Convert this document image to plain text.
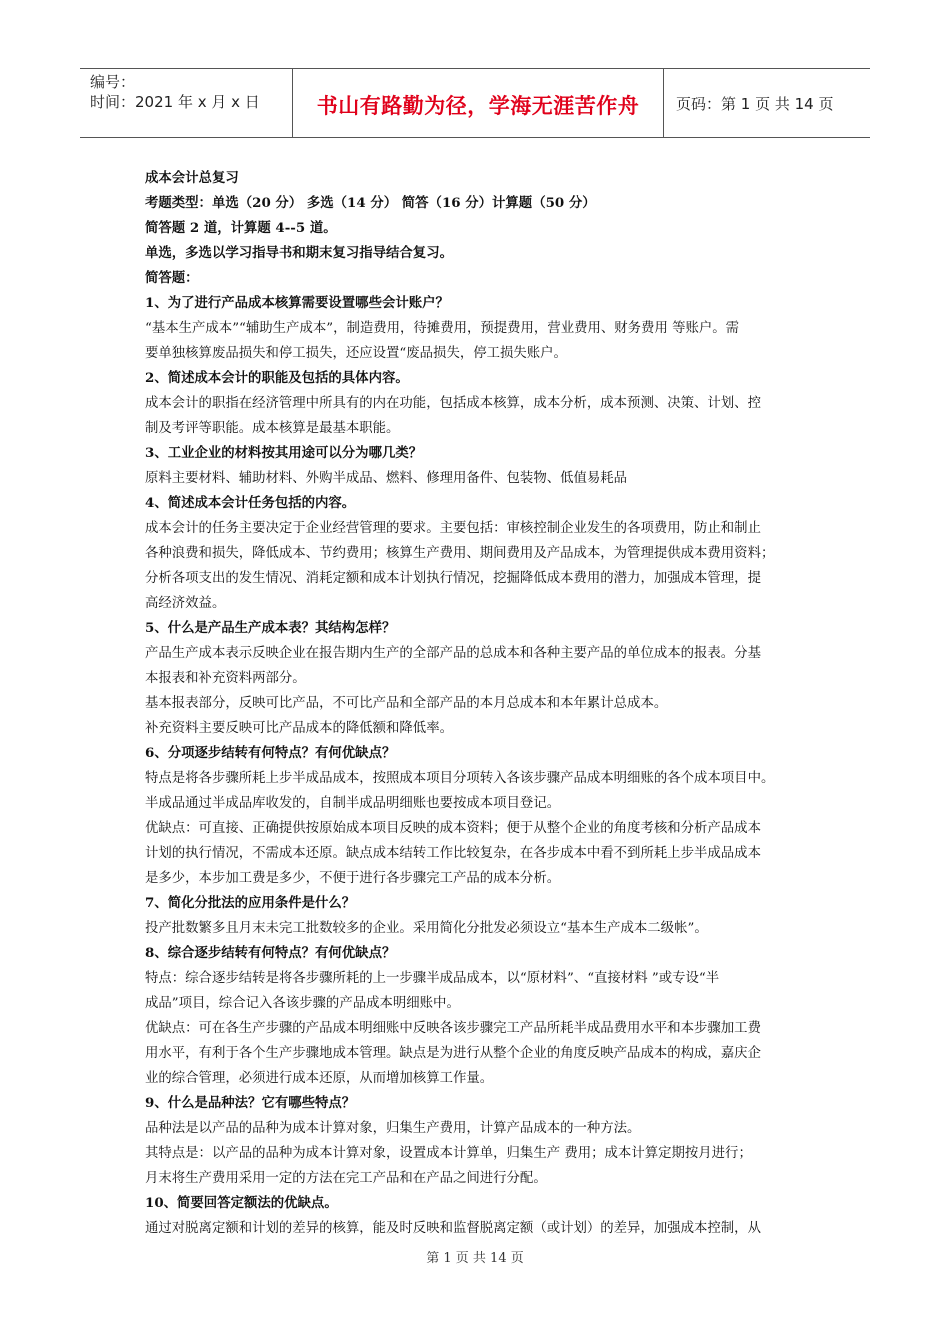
编号：
时间：2021 年 x 月 x 日	书山有路勤为径，学海无涯苦作舟 页码：第 1 页 共 14 页
成本会计总复习
考题类型：单选（20 分） 多选（14 分） 简答（16 分）计算题（50 分）
简答题 2 道，计算题 4--5 道。
单选，多选以学习指导书和期末复习指导结合复习。
简答题：
1、为了进行产品成本核算需要设置哪些会计账户？
“基本生产成本”“辅助生产成本”，制造费用，待摊费用，预提费用，营业费用、财务费用 等账户。需
要单独核算废品损失和停工损失，还应设置“废品损失，停工损失账户。
2、简述成本会计的职能及包括的具体内容。
成本会计的职指在经济管理中所具有的内在功能，包括成本核算，成本分析，成本预测、决策、计划、控
制及考评等职能。成本核算是最基本职能。
3、工业企业的材料按其用途可以分为哪几类？
原料主要材料、辅助材料、外购半成品、燃料、修理用备件、包装物、低值易耗品
4、简述成本会计任务包括的内容。
成本会计的任务主要决定于企业经营管理的要求。主要包括：审核控制企业发生的各项费用，防止和制止
各种浪费和损失，降低成本、节约费用；核算生产费用、期间费用及产品成本，为管理提供成本费用资料；
分析各项支出的发生情况、消耗定额和成本计划执行情况，挖掘降低成本费用的潜力，加强成本管理，提
高经济效益。
5、什么是产品生产成本表？其结构怎样？
产品生产成本表示反映企业在报告期内生产的全部产品的总成本和各种主要产品的单位成本的报表。分基
本报表和补充资料两部分。
基本报表部分，反映可比产品，不可比产品和全部产品的本月总成本和本年累计总成本。
补充资料主要反映可比产品成本的降低额和降低率。
6、分项逐步结转有何特点？有何优缺点？
特点是将各步骤所耗上步半成品成本，按照成本项目分项转入各该步骤产品成本明细账的各个成本项目中。
半成品通过半成品库收发的，自制半成品明细账也要按成本项目登记。
优缺点：可直接、正确提供按原始成本项目反映的成本资料；便于从整个企业的角度考核和分析产品成本
计划的执行情况，不需成本还原。缺点成本结转工作比较复杂，在各步成本中看不到所耗上步半成品成本
是多少，本步加工费是多少，不便于进行各步骤完工产品的成本分析。
7、简化分批法的应用条件是什么？
投产批数繁多且月末未完工批数较多的企业。采用简化分批发必须设立“基本生产成本二级帐”。
8、综合逐步结转有何特点？有何优缺点？
特点：综合逐步结转是将各步骤所耗的上一步骤半成品成本，以“原材料”、“直接材料 ”或专设“半
成品”项目，综合记入各该步骤的产品成本明细账中。
优缺点：可在各生产步骤的产品成本明细账中反映各该步骤完工产品所耗半成品费用水平和本步骤加工费
用水平，有利于各个生产步骤地成本管理。缺点是为进行从整个企业的角度反映产品成本的构成，嘉庆企
业的综合管理，必须进行成本还原，从而增加核算工作量。
9、什么是品种法？它有哪些特点？
品种法是以产品的品种为成本计算对象，归集生产费用，计算产品成本的一种方法。
其特点是：以产品的品种为成本计算对象，设置成本计算单，归集生产 费用；成本计算定期按月进行；
月末将生产费用采用一定的方法在完工产品和在产品之间进行分配。
10、简要回答定额法的优缺点。
通过对脱离定额和计划的差异的核算，能及时反映和监督脱离定额（或计划）的差异，加强成本控制，从
第 1 页 共 14 页
